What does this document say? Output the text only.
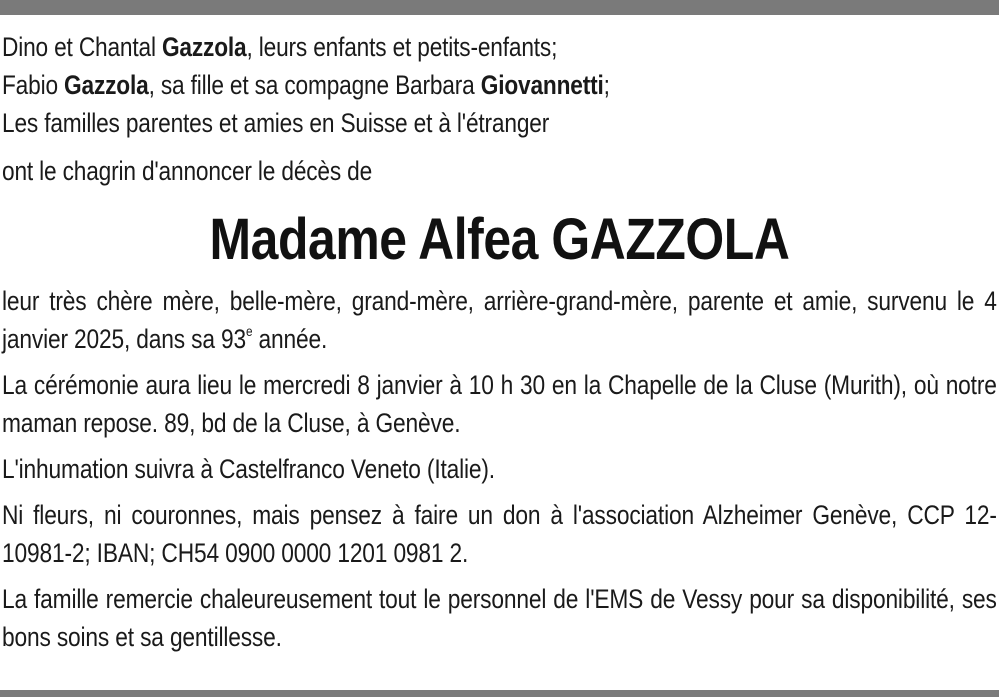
Dino et Chantal Gazzola, leurs enfants et petits-enfants;
Fabio Gazzola, sa fille et sa compagne Barbara Giovannetti;
Les familles parentes et amies en Suisse et à l'étranger
ont le chagrin d'annoncer le décès de
Madame Alfea GAZZOLA
leur très chère mère, belle-mère, grand-mère, arrière-grand-mère, parente et amie, survenu le 4 janvier 2025, dans sa 93e année.
La cérémonie aura lieu le mercredi 8 janvier à 10 h 30 en la Chapelle de la Cluse (Murith), où notre maman repose. 89, bd de la Cluse, à Genève.
L'inhumation suivra à Castelfranco Veneto (Italie).
Ni fleurs, ni couronnes, mais pensez à faire un don à l'association Alzheimer Genève, CCP 12-10981-2; IBAN; CH54 0900 0000 1201 0981 2.
La famille remercie chaleureusement tout le personnel de l'EMS de Vessy pour sa disponibilité, ses bons soins et sa gentillesse.
